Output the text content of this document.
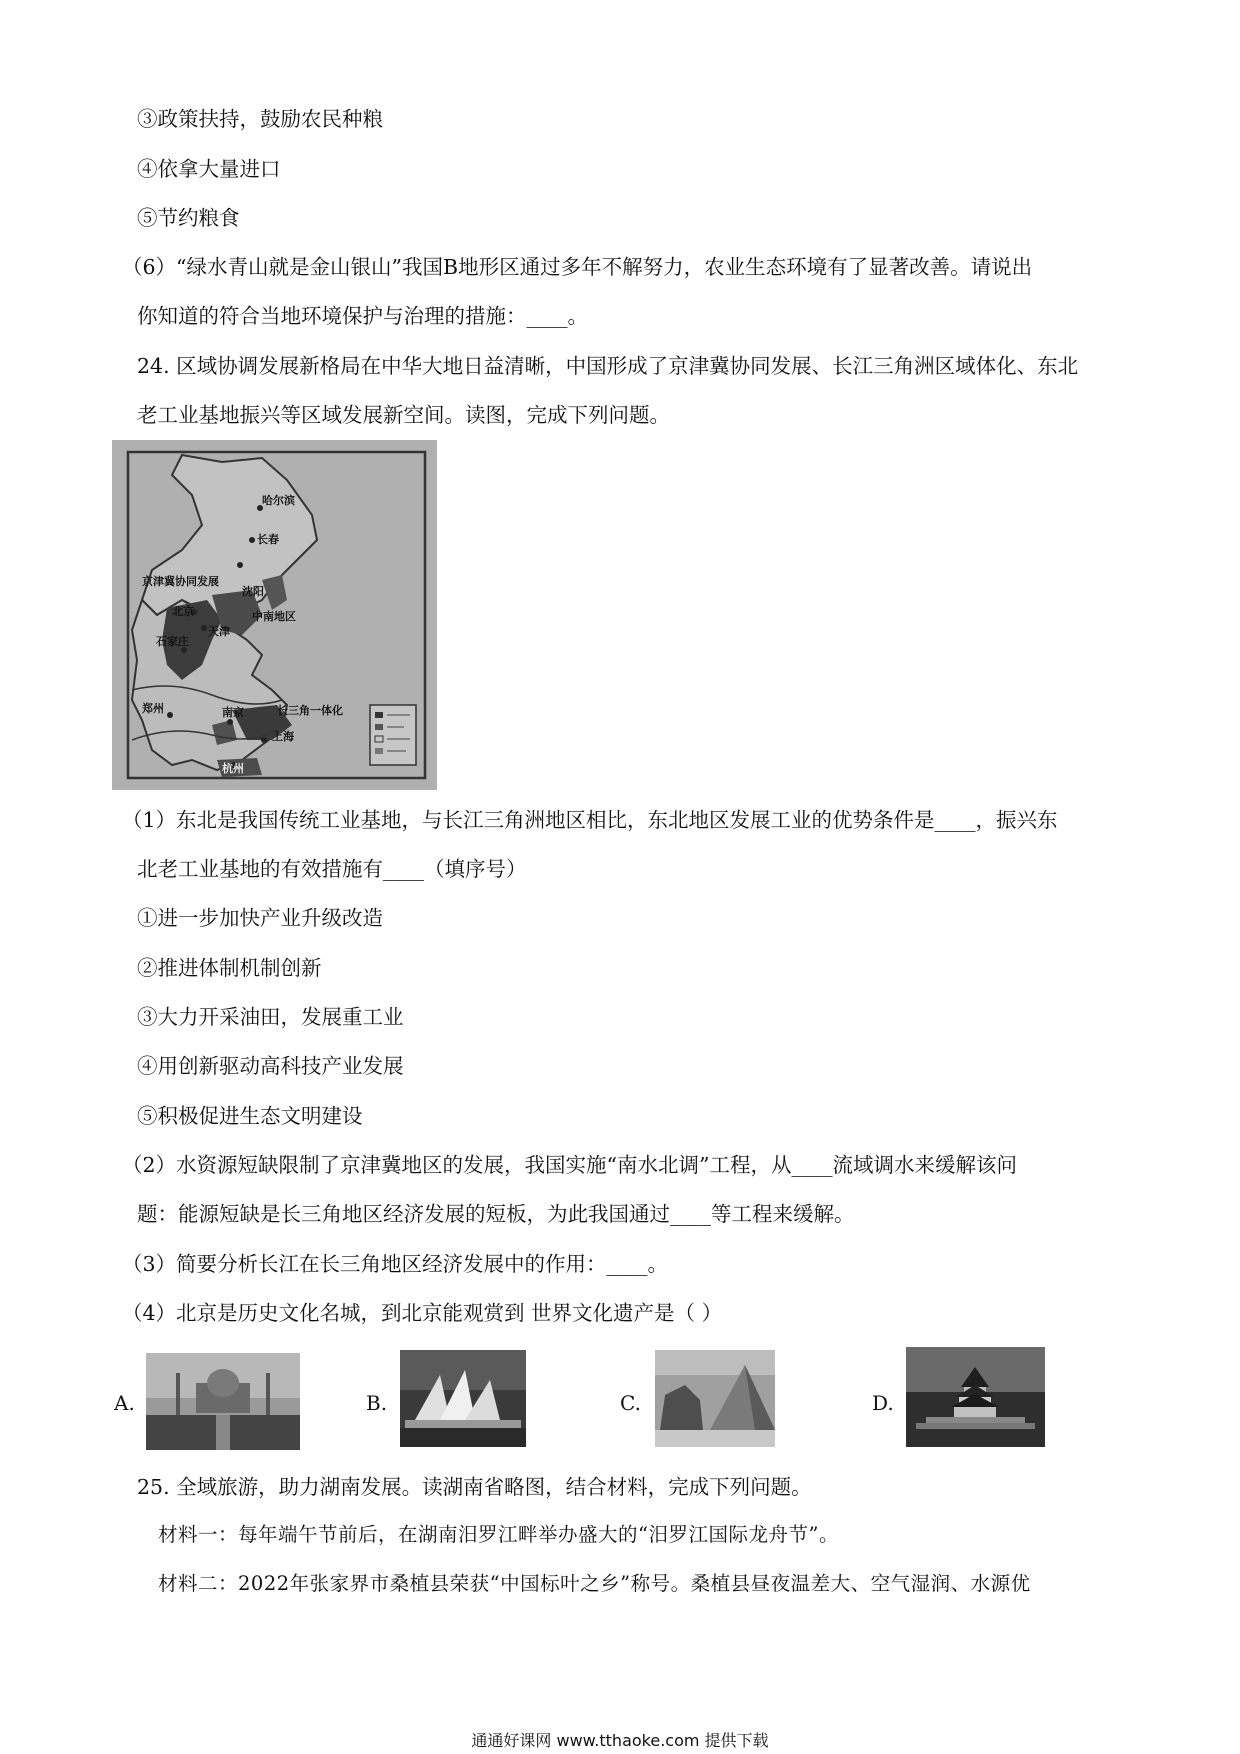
③政策扶持，鼓励农民种粮
④依拿大量进口
⑤节约粮食
（6）“绿水青山就是金山银山”我国B地形区通过多年不解努力，农业生态环境有了显著改善。请说出
你知道的符合当地环境保护与治理的措施：____。
24. 区域协调发展新格局在中华大地日益清晰，中国形成了京津冀协同发展、长江三角洲区域体化、东北
老工业基地振兴等区域发展新空间。读图，完成下列问题。
哈尔滨
长春
京津冀协同发展
沈阳
北京
天津
中南地区
石家庄
郑州	南京	长三角一体化
上海
杭州
（1）东北是我国传统工业基地，与长江三角洲地区相比，东北地区发展工业的优势条件是____，振兴东
北老工业基地的有效措施有____（填序号）
①进一步加快产业升级改造
②推进体制机制创新
③大力开采油田，发展重工业
④用创新驱动高科技产业发展
⑤积极促进生态文明建设
（2）水资源短缺限制了京津冀地区的发展，我国实施“南水北调”工程，从____流域调水来缓解该问
题：能源短缺是长三角地区经济发展的短板，为此我国通过____等工程来缓解。
（3）简要分析长江在长三角地区经济发展中的作用：____。
（4）北京是历史文化名城，到北京能观赏到 世界文化遗产是（ ）
A.	B.	C.	D.
25. 全域旅游，助力湖南发展。读湖南省略图，结合材料，完成下列问题。
材料一：每年端午节前后，在湖南汨罗江畔举办盛大的“汨罗江国际龙舟节”。
材料二：2022年张家界市桑植县荣获“中国标叶之乡”称号。桑植县昼夜温差大、空气湿润、水源优
通通好课网 www.tthaoke.com 提供下载
